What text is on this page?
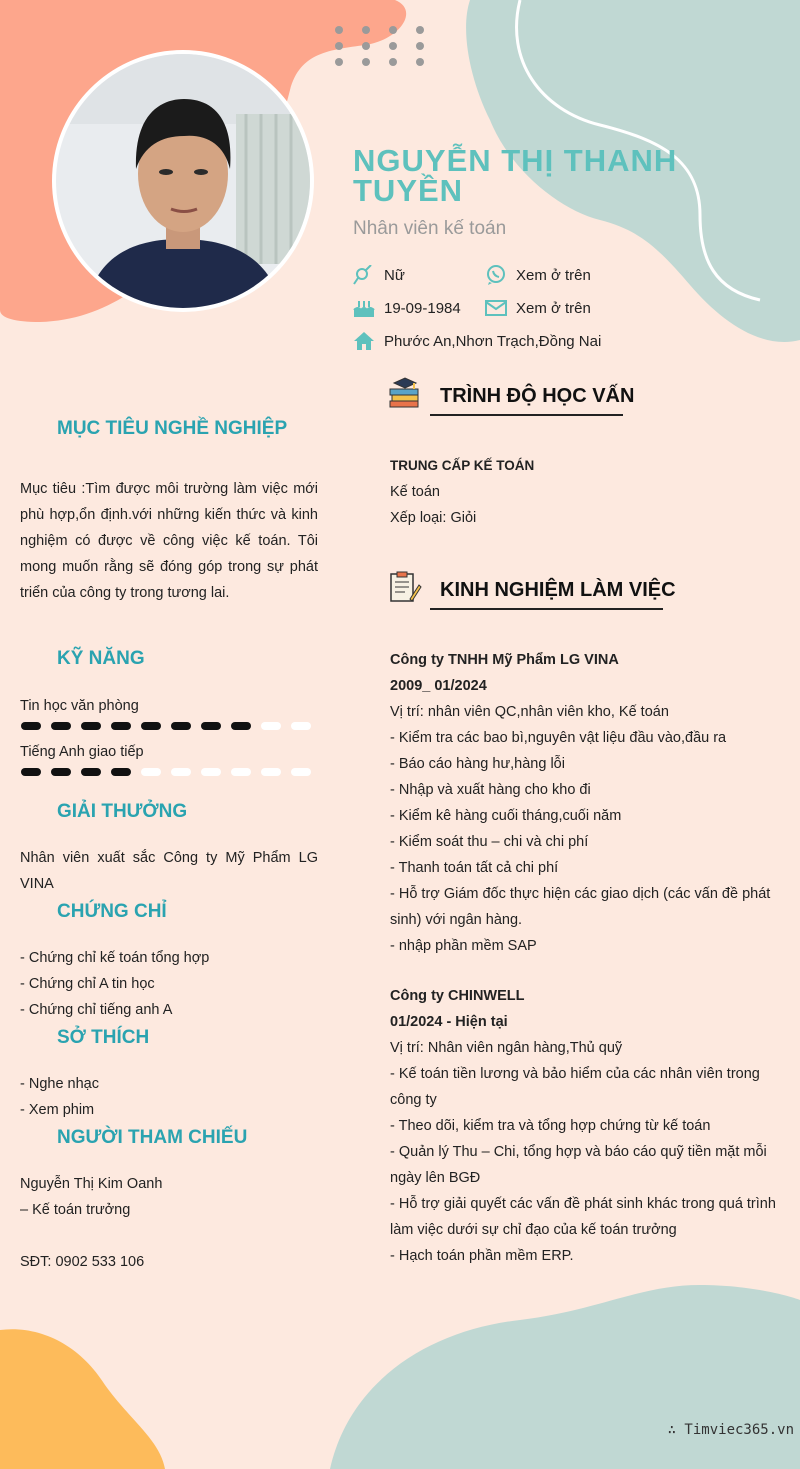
NGUYỄN THỊ THANH TUYỀN
Nhân viên kế toán
Nữ	Xem ở trên
19-09-1984	Xem ở trên
Phước An,Nhơn Trạch,Đồng Nai
MỤC TIÊU NGHỀ NGHIỆP

Mục tiêu :Tìm được môi trường làm việc mới phù hợp,ổn định.với những kiến thức và kinh nghiệm có được về công việc kế toán. Tôi mong muốn rằng sẽ đóng góp trong sự phát triển của công ty trong tương lai.

KỸ NĂNG
Tin học văn phòng
Tiếng Anh giao tiếp
GIẢI THƯỞNG

Nhân viên xuất sắc Công ty Mỹ Phẩm LG VINA

CHỨNG CHỈ

- Chứng chỉ kế toán tổng hợp

- Chứng chỉ A tin học

- Chứng chỉ tiếng anh A

SỞ THÍCH

- Nghe nhạc

- Xem phim

NGƯỜI THAM CHIẾU

Nguyễn Thị Kim Oanh

– Kế toán trưởng

SĐT: 0902 533 106

TRÌNH ĐỘ HỌC VẤN

TRUNG CẤP KẾ TOÁN

Kế toán

Xếp loại: Giỏi

KINH NGHIỆM LÀM VIỆC

Công ty TNHH Mỹ Phẩm LG VINA

2009_ 01/2024

Vị trí: nhân viên QC,nhân viên kho, Kế toán

- Kiểm tra các bao bì,nguyên vật liệu đầu vào,đầu ra

- Báo cáo hàng hư,hàng lỗi

- Nhập và xuất hàng cho kho đi

- Kiểm kê hàng cuối tháng,cuối năm

- Kiểm soát thu – chi và chi phí

- Thanh toán tất cả chi phí

- Hỗ trợ Giám đốc thực hiện các giao dịch (các vấn đề phát sinh) với ngân hàng.

- nhập phần mềm SAP

Công ty CHINWELL

01/2024 - Hiện tại

Vị trí: Nhân viên ngân hàng,Thủ quỹ

- Kế toán tiền lương và bảo hiểm của các nhân viên trong công ty

- Theo dõi, kiểm tra và tổng hợp chứng từ kế toán

- Quản lý Thu – Chi, tổng hợp và báo cáo quỹ tiền mặt mỗi ngày lên BGĐ

- Hỗ trợ giải quyết các vấn đề phát sinh khác trong quá trình làm việc dưới sự chỉ đạo của kế toán trưởng

- Hạch toán phần mềm ERP.

∴ Timviec365.vn
